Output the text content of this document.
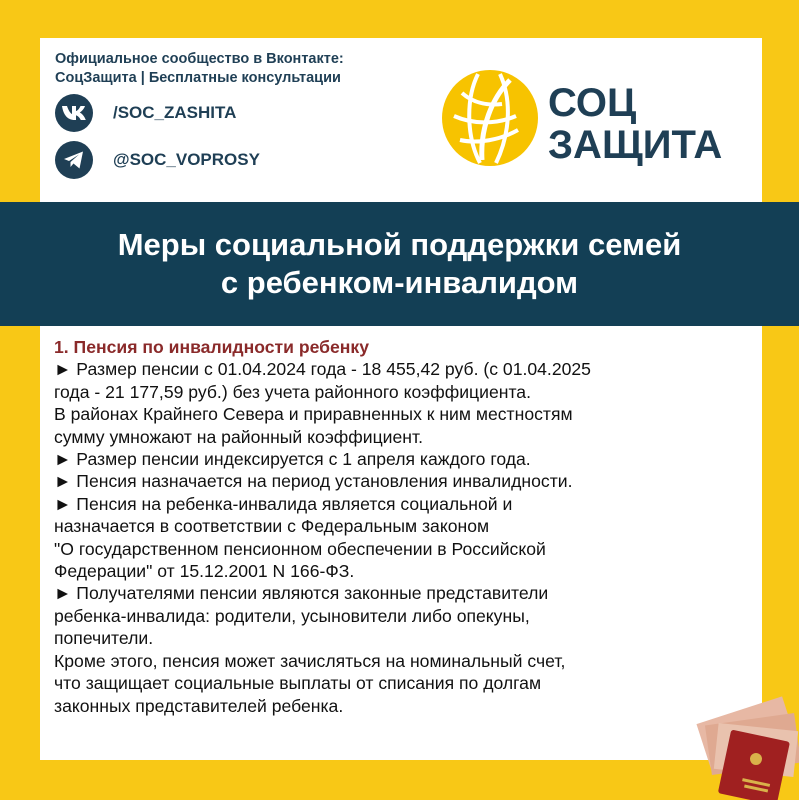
Официальное сообщество в Вконтакте:
СоцЗащита | Бесплатные консультации
/SOC_ZASHITA
@SOC_VOPROSY
СОЦ
ЗАЩИТА
Меры социальной поддержки семей
с ребенком-инвалидом
1. Пенсия по инвалидности ребенку
► Размер пенсии с 01.04.2024 года - 18 455,42 руб. (с 01.04.2025
года - 21 177,59 руб.) без учета районного коэффициента.
В районах Крайнего Севера и приравненных к ним местностям
сумму умножают на районный коэффициент.
► Размер пенсии индексируется с 1 апреля каждого года.
► Пенсия назначается на период установления инвалидности.
► Пенсия на ребенка-инвалида является социальной и
назначается в соответствии с Федеральным законом
"О государственном пенсионном обеспечении в Российской
Федерации" от 15.12.2001 N 166-ФЗ.
► Получателями пенсии являются законные представители
ребенка-инвалида: родители, усыновители либо опекуны,
попечители.
Кроме этого, пенсия может зачисляться на номинальный счет,
что защищает социальные выплаты от списания по долгам
законных представителей ребенка.
